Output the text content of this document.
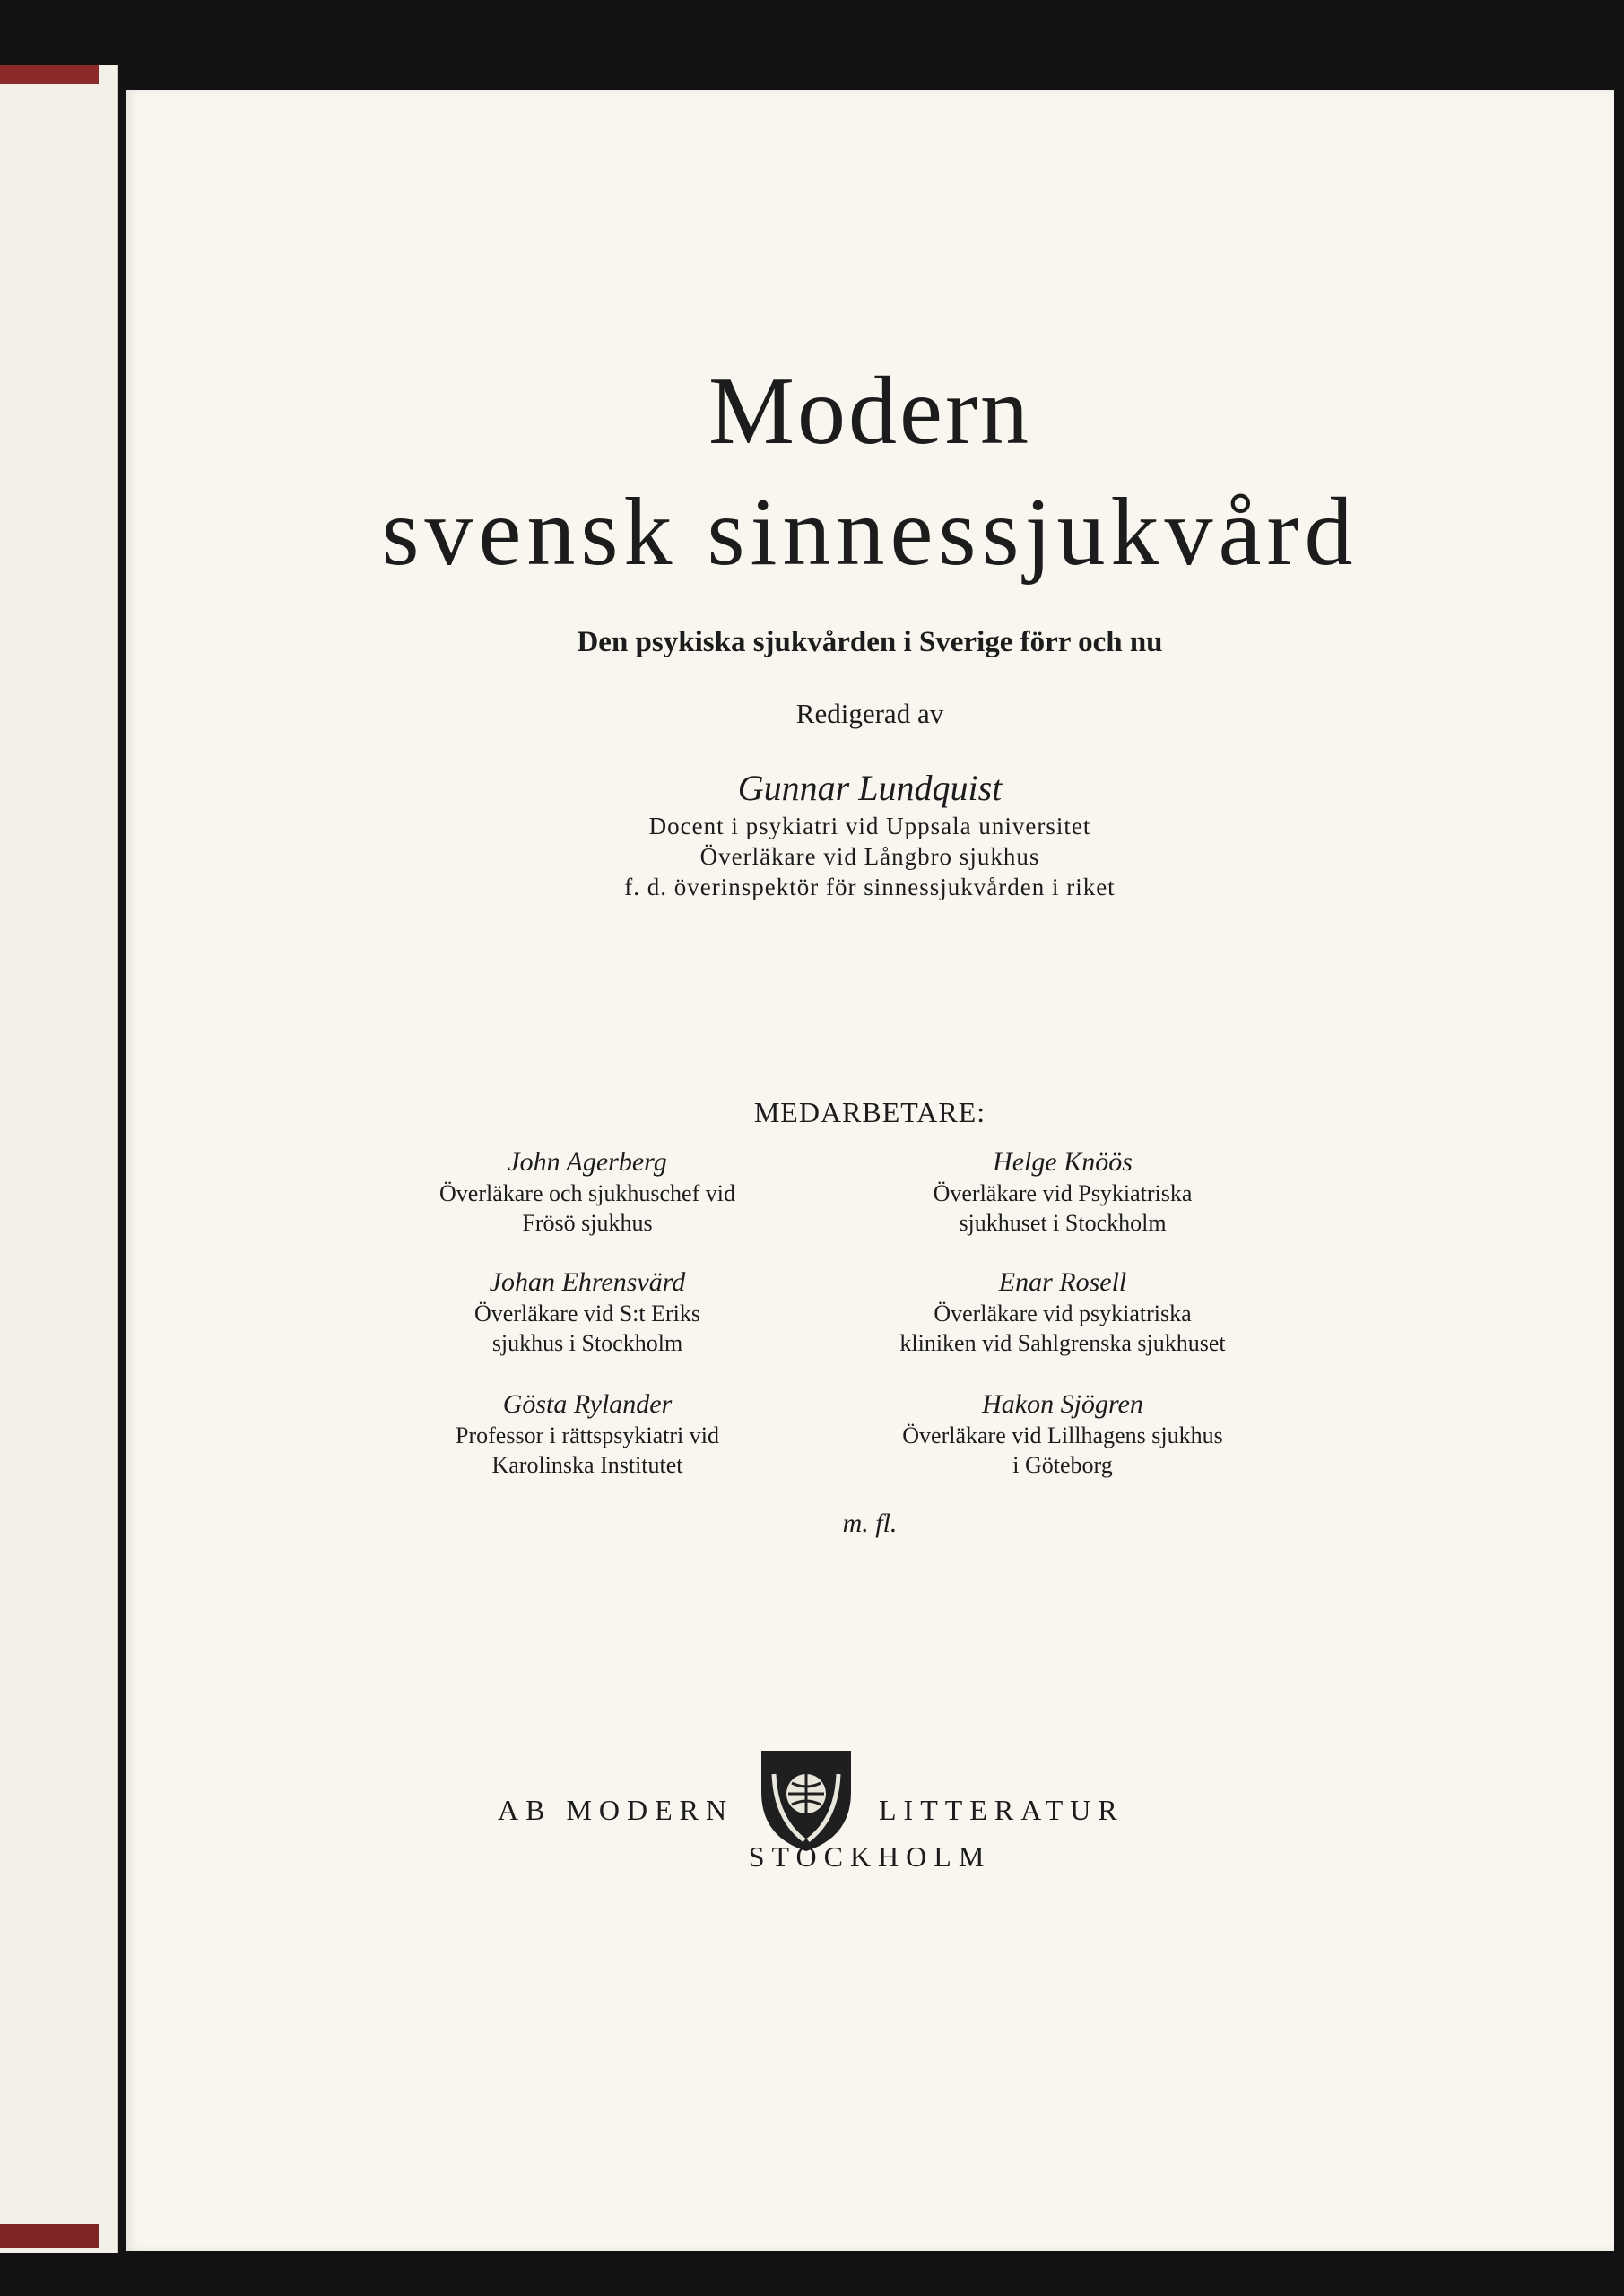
Modern
svensk sinnessjukvård
Den psykiska sjukvården i Sverige förr och nu
Redigerad av
Gunnar Lundquist
Docent i psykiatri vid Uppsala universitet
Överläkare vid Långbro sjukhus
f. d. överinspektör för sinnessjukvården i riket
MEDARBETARE:
John Agerberg
Överläkare och sjukhuschef vid
Frösö sjukhus
Helge Knöös
Överläkare vid Psykiatriska
sjukhuset i Stockholm
Johan Ehrensvärd
Överläkare vid S:t Eriks
sjukhus i Stockholm
Enar Rosell
Överläkare vid psykiatriska
kliniken vid Sahlgrenska sjukhuset
Gösta Rylander
Professor i rättspsykiatri vid
Karolinska Institutet
Hakon Sjögren
Överläkare vid Lillhagens sjukhus
i Göteborg
m. fl.
AB MODERN	LITTERATUR
STOCKHOLM
